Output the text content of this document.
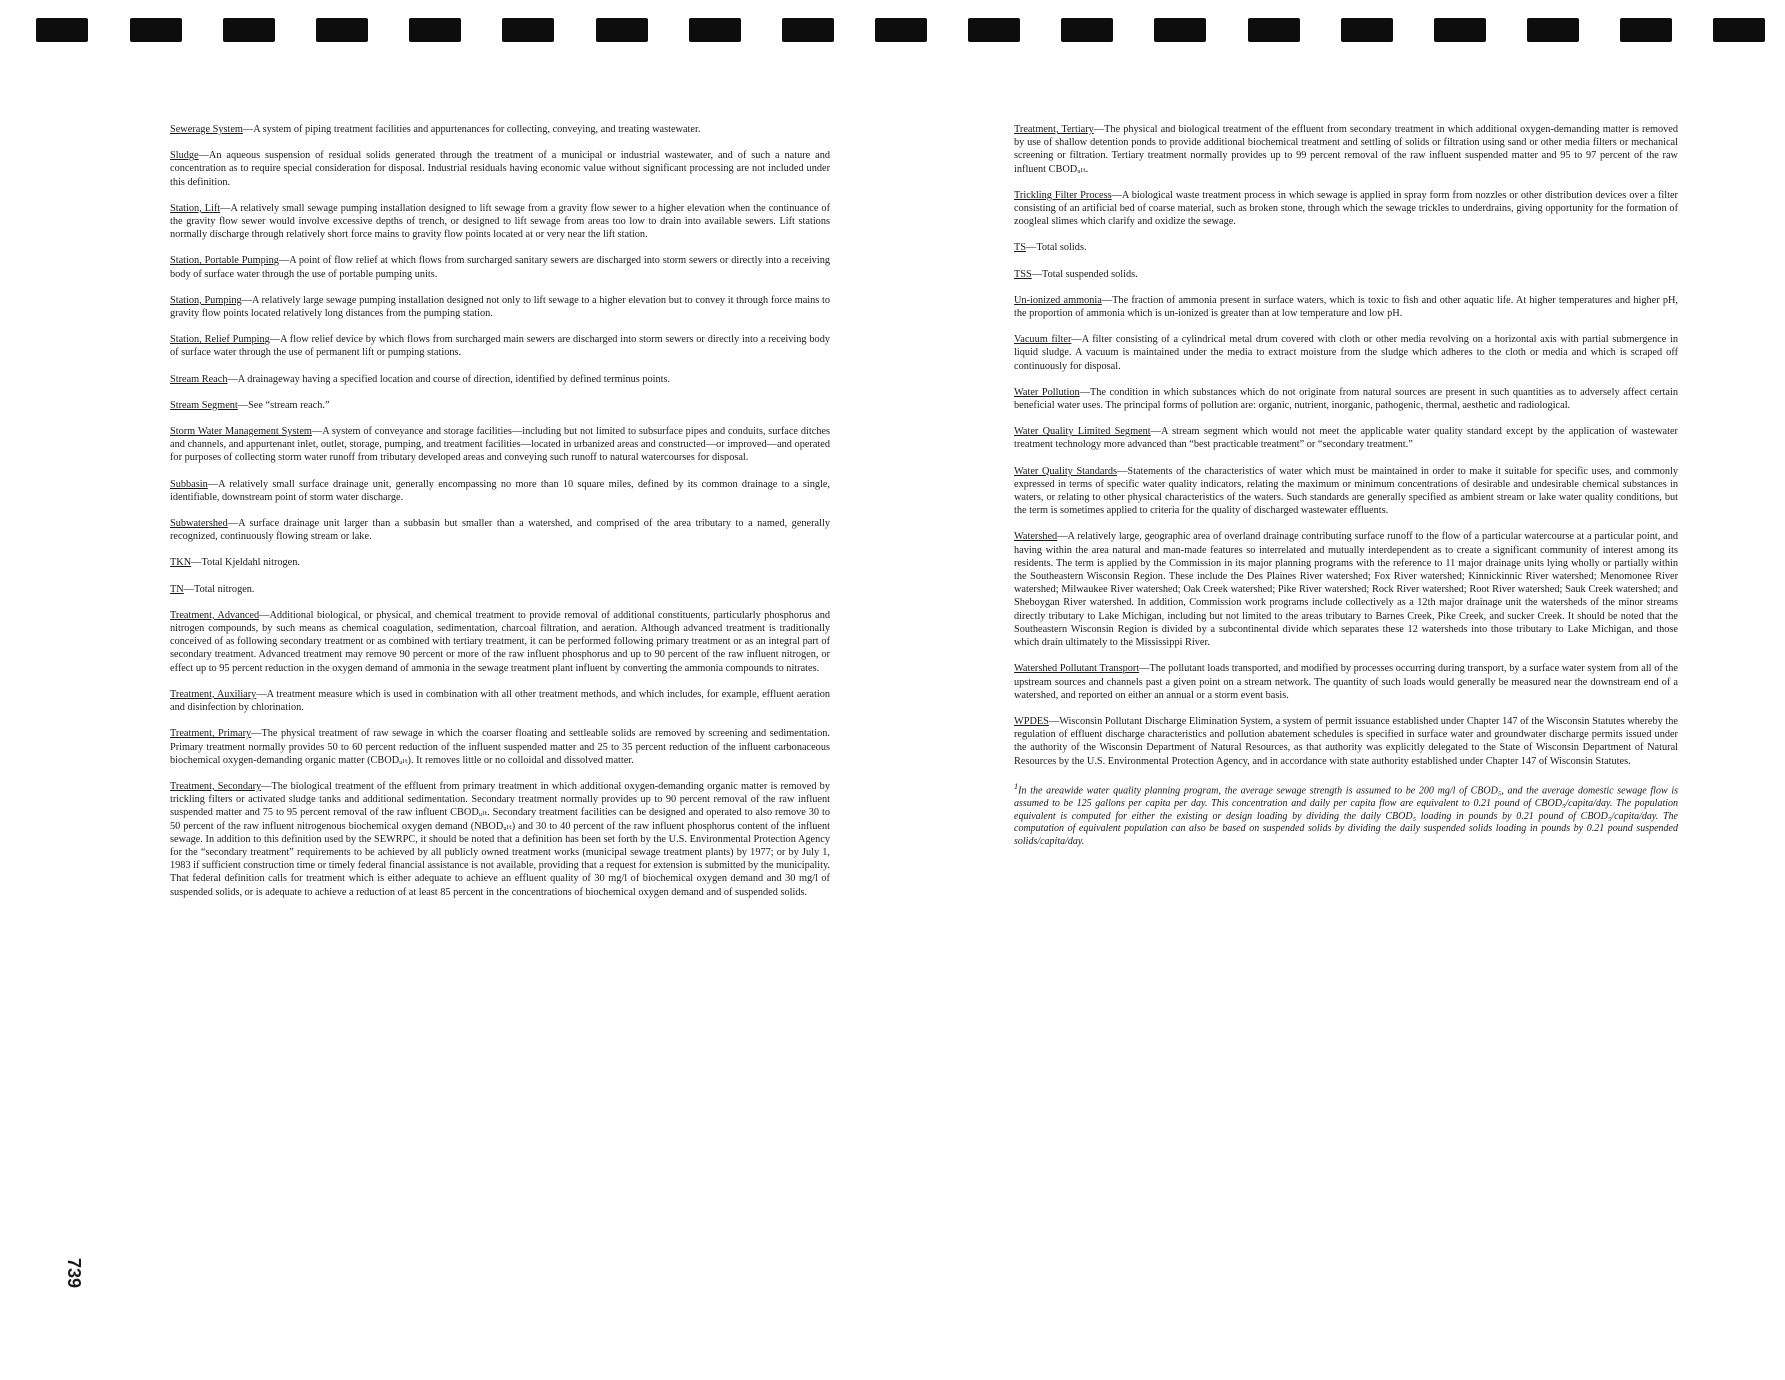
Sewerage System—A system of piping treatment facilities and appurtenances for collecting, conveying, and treating wastewater.

Sludge—An aqueous suspension of residual solids generated through the treatment of a municipal or industrial wastewater, and of such a nature and concentration as to require special consideration for disposal. Industrial residuals having economic value without significant processing are not included under this definition.

Station, Lift—A relatively small sewage pumping installation designed to lift sewage from a gravity flow sewer to a higher elevation when the continuance of the gravity flow sewer would involve excessive depths of trench, or designed to lift sewage from areas too low to drain into available sewers. Lift stations normally discharge through relatively short force mains to gravity flow points located at or very near the lift station.

Station, Portable Pumping—A point of flow relief at which flows from surcharged sanitary sewers are discharged into storm sewers or directly into a receiving body of surface water through the use of portable pumping units.

Station, Pumping—A relatively large sewage pumping installation designed not only to lift sewage to a higher elevation but to convey it through force mains to gravity flow points located relatively long distances from the pumping station.

Station, Relief Pumping—A flow relief device by which flows from surcharged main sewers are discharged into storm sewers or directly into a receiving body of surface water through the use of permanent lift or pumping stations.

Stream Reach—A drainageway having a specified location and course of direction, identified by defined terminus points.

Stream Segment—See “stream reach.”

Storm Water Management System—A system of conveyance and storage facilities—including but not limited to subsurface pipes and conduits, surface ditches and channels, and appurtenant inlet, outlet, storage, pumping, and treatment facilities—located in urbanized areas and constructed—or improved—and operated for purposes of collecting storm water runoff from tributary developed areas and conveying such runoff to natural watercourses for disposal.

Subbasin—A relatively small surface drainage unit, generally encompassing no more than 10 square miles, defined by its common drainage to a single, identifiable, downstream point of storm water discharge.

Subwatershed—A surface drainage unit larger than a subbasin but smaller than a watershed, and comprised of the area tributary to a named, generally recognized, continuously flowing stream or lake.

TKN—Total Kjeldahl nitrogen.

TN—Total nitrogen.

Treatment, Advanced—Additional biological, or physical, and chemical treatment to provide removal of additional constituents, particularly phosphorus and nitrogen compounds, by such means as chemical coagulation, sedimentation, charcoal filtration, and aeration. Although advanced treatment is traditionally conceived of as following secondary treatment or as combined with tertiary treatment, it can be performed following primary treatment or as an integral part of secondary treatment. Advanced treatment may remove 90 percent or more of the raw influent phosphorus and up to 90 percent of the raw influent nitrogen, or effect up to 95 percent reduction in the oxygen demand of ammonia in the sewage treatment plant influent by converting the ammonia compounds to nitrates.

Treatment, Auxiliary—A treatment measure which is used in combination with all other treatment methods, and which includes, for example, effluent aeration and disinfection by chlorination.

Treatment, Primary—The physical treatment of raw sewage in which the coarser floating and settleable solids are removed by screening and sedimentation. Primary treatment normally provides 50 to 60 percent reduction of the influent suspended matter and 25 to 35 percent reduction of the influent carbonaceous biochemical oxygen-demanding organic matter (CBODᵤₗₜ). It removes little or no colloidal and dissolved matter.

Treatment, Secondary—The biological treatment of the effluent from primary treatment in which additional oxygen-demanding organic matter is removed by trickling filters or activated sludge tanks and additional sedimentation. Secondary treatment normally provides up to 90 percent removal of the raw influent suspended matter and 75 to 95 percent removal of the raw influent CBODᵤₗₜ. Secondary treatment facilities can be designed and operated to also remove 30 to 50 percent of the raw influent nitrogenous biochemical oxygen demand (NBODᵤₗₜ) and 30 to 40 percent of the raw influent phosphorus content of the influent sewage. In addition to this definition used by the SEWRPC, it should be noted that a definition has been set forth by the U.S. Environmental Protection Agency for the “secondary treatment” requirements to be achieved by all publicly owned treatment works (municipal sewage treatment plants) by 1977; or by July 1, 1983 if sufficient construction time or timely federal financial assistance is not available, providing that a request for extension is submitted by the municipality. That federal definition calls for treatment which is either adequate to achieve an effluent quality of 30 mg/l of biochemical oxygen demand and 30 mg/l of suspended solids, or is adequate to achieve a reduction of at least 85 percent in the concentrations of biochemical oxygen demand and of suspended solids.

Treatment, Tertiary—The physical and biological treatment of the effluent from secondary treatment in which additional oxygen-demanding matter is removed by use of shallow detention ponds to provide additional biochemical treatment and settling of solids or filtration using sand or other media filters or mechanical screening or filtration. Tertiary treatment normally provides up to 99 percent removal of the raw influent suspended matter and 95 to 97 percent of the raw influent CBODᵤₗₜ.

Trickling Filter Process—A biological waste treatment process in which sewage is applied in spray form from nozzles or other distribution devices over a filter consisting of an artificial bed of coarse material, such as broken stone, through which the sewage trickles to underdrains, giving opportunity for the formation of zoogleal slimes which clarify and oxidize the sewage.

TS—Total solids.

TSS—Total suspended solids.

Un-ionized ammonia—The fraction of ammonia present in surface waters, which is toxic to fish and other aquatic life. At higher temperatures and higher pH, the proportion of ammonia which is un-ionized is greater than at low temperature and low pH.

Vacuum filter—A filter consisting of a cylindrical metal drum covered with cloth or other media revolving on a horizontal axis with partial submergence in liquid sludge. A vacuum is maintained under the media to extract moisture from the sludge which adheres to the cloth or media and which is scraped off continuously for disposal.

Water Pollution—The condition in which substances which do not originate from natural sources are present in such quantities as to adversely affect certain beneficial water uses. The principal forms of pollution are: organic, nutrient, inorganic, pathogenic, thermal, aesthetic and radiological.

Water Quality Limited Segment—A stream segment which would not meet the applicable water quality standard except by the application of wastewater treatment technology more advanced than “best practicable treatment” or “secondary treatment.”

Water Quality Standards—Statements of the characteristics of water which must be maintained in order to make it suitable for specific uses, and commonly expressed in terms of specific water quality indicators, relating the maximum or minimum concentrations of desirable and undesirable chemical substances in waters, or relating to other physical characteristics of the waters. Such standards are generally specified as ambient stream or lake water quality conditions, but the term is sometimes applied to criteria for the quality of discharged wastewater effluents.

Watershed—A relatively large, geographic area of overland drainage contributing surface runoff to the flow of a particular watercourse at a particular point, and having within the area natural and man-made features so interrelated and mutually interdependent as to create a significant community of interest among its residents. The term is applied by the Commission in its major planning programs with the reference to 11 major drainage units lying wholly or partially within the Southeastern Wisconsin Region. These include the Des Plaines River watershed; Fox River watershed; Kinnickinnic River watershed; Menomonee River watershed; Milwaukee River watershed; Oak Creek watershed; Pike River watershed; Rock River watershed; Root River watershed; Sauk Creek watershed; and Sheboygan River watershed. In addition, Commission work programs include collectively as a 12th major drainage unit the watersheds of the minor streams directly tributary to Lake Michigan, including but not limited to the areas tributary to Barnes Creek, Pike Creek, and sucker Creek. It should be noted that the Southeastern Wisconsin Region is divided by a subcontinental divide which separates these 12 watersheds into those tributary to Lake Michigan, and those which drain ultimately to the Mississippi River.

Watershed Pollutant Transport—The pollutant loads transported, and modified by processes occurring during transport, by a surface water system from all of the upstream sources and channels past a given point on a stream network. The quantity of such loads would generally be measured near the downstream end of a watershed, and reported on either an annual or a storm event basis.

WPDES—Wisconsin Pollutant Discharge Elimination System, a system of permit issuance established under Chapter 147 of the Wisconsin Statutes whereby the regulation of effluent discharge characteristics and pollution abatement schedules is specified in surface water and groundwater discharge permits issued under the authority of the Wisconsin Department of Natural Resources, as that authority was explicitly delegated to the State of Wisconsin Department of Natural Resources by the U.S. Environmental Protection Agency, and in accordance with state authority established under Chapter 147 of Wisconsin Statutes.

$^1$In the areawide water quality planning program, the average sewage strength is assumed to be 200 mg/l of CBOD₅, and the average domestic sewage flow is assumed to be 125 gallons per capita per day. This concentration and daily per capita flow are equivalent to 0.21 pound of CBOD₅/capita/day. The population equivalent is computed for either the existing or design loading by dividing the daily CBOD₅ loading in pounds by 0.21 pound of CBOD₅/capita/day. The computation of equivalent population can also be based on suspended solids by dividing the daily suspended solids loading in pounds by 0.21 pound suspended solids/capita/day.

739
